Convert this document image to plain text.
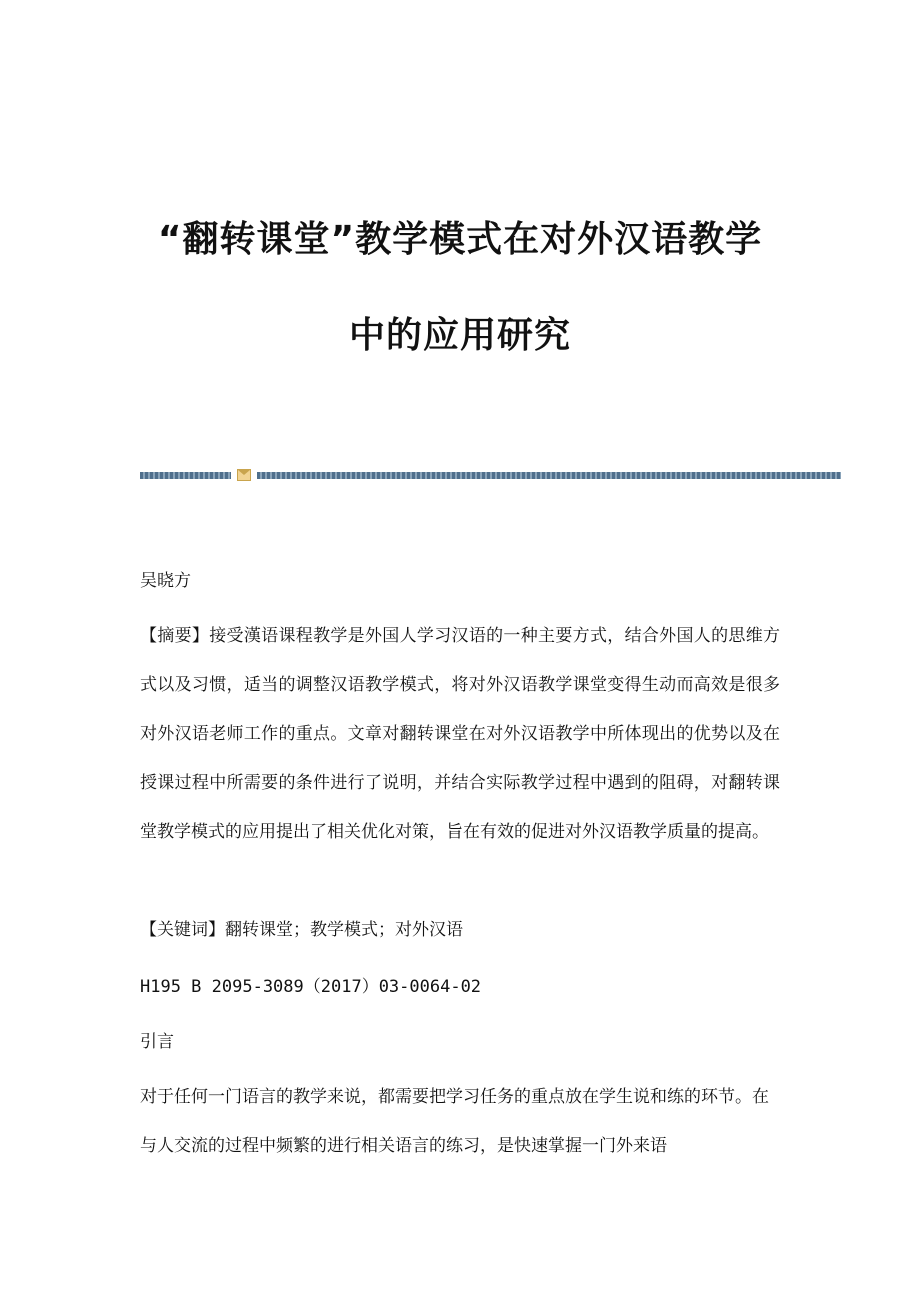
“翻转课堂”教学模式在对外汉语教学
中的应用研究

吴晓方

【摘要】接受漢语课程教学是外国人学习汉语的一种主要方式，结合外国人的思维方式以及习惯，适当的调整汉语教学模式，将对外汉语教学课堂变得生动而高效是很多对外汉语老师工作的重点。文章对翻转课堂在对外汉语教学中所体现出的优势以及在授课过程中所需要的条件进行了说明，并结合实际教学过程中遇到的阻碍，对翻转课堂教学模式的应用提出了相关优化对策，旨在有效的促进对外汉语教学质量的提高。

【关键词】翻转课堂；教学模式；对外汉语

H195 B 2095-3089（2017）03-0064-02

引言

对于任何一门语言的教学来说，都需要把学习任务的重点放在学生说和练的环节。在与人交流的过程中频繁的进行相关语言的练习，是快速掌握一门外来语
